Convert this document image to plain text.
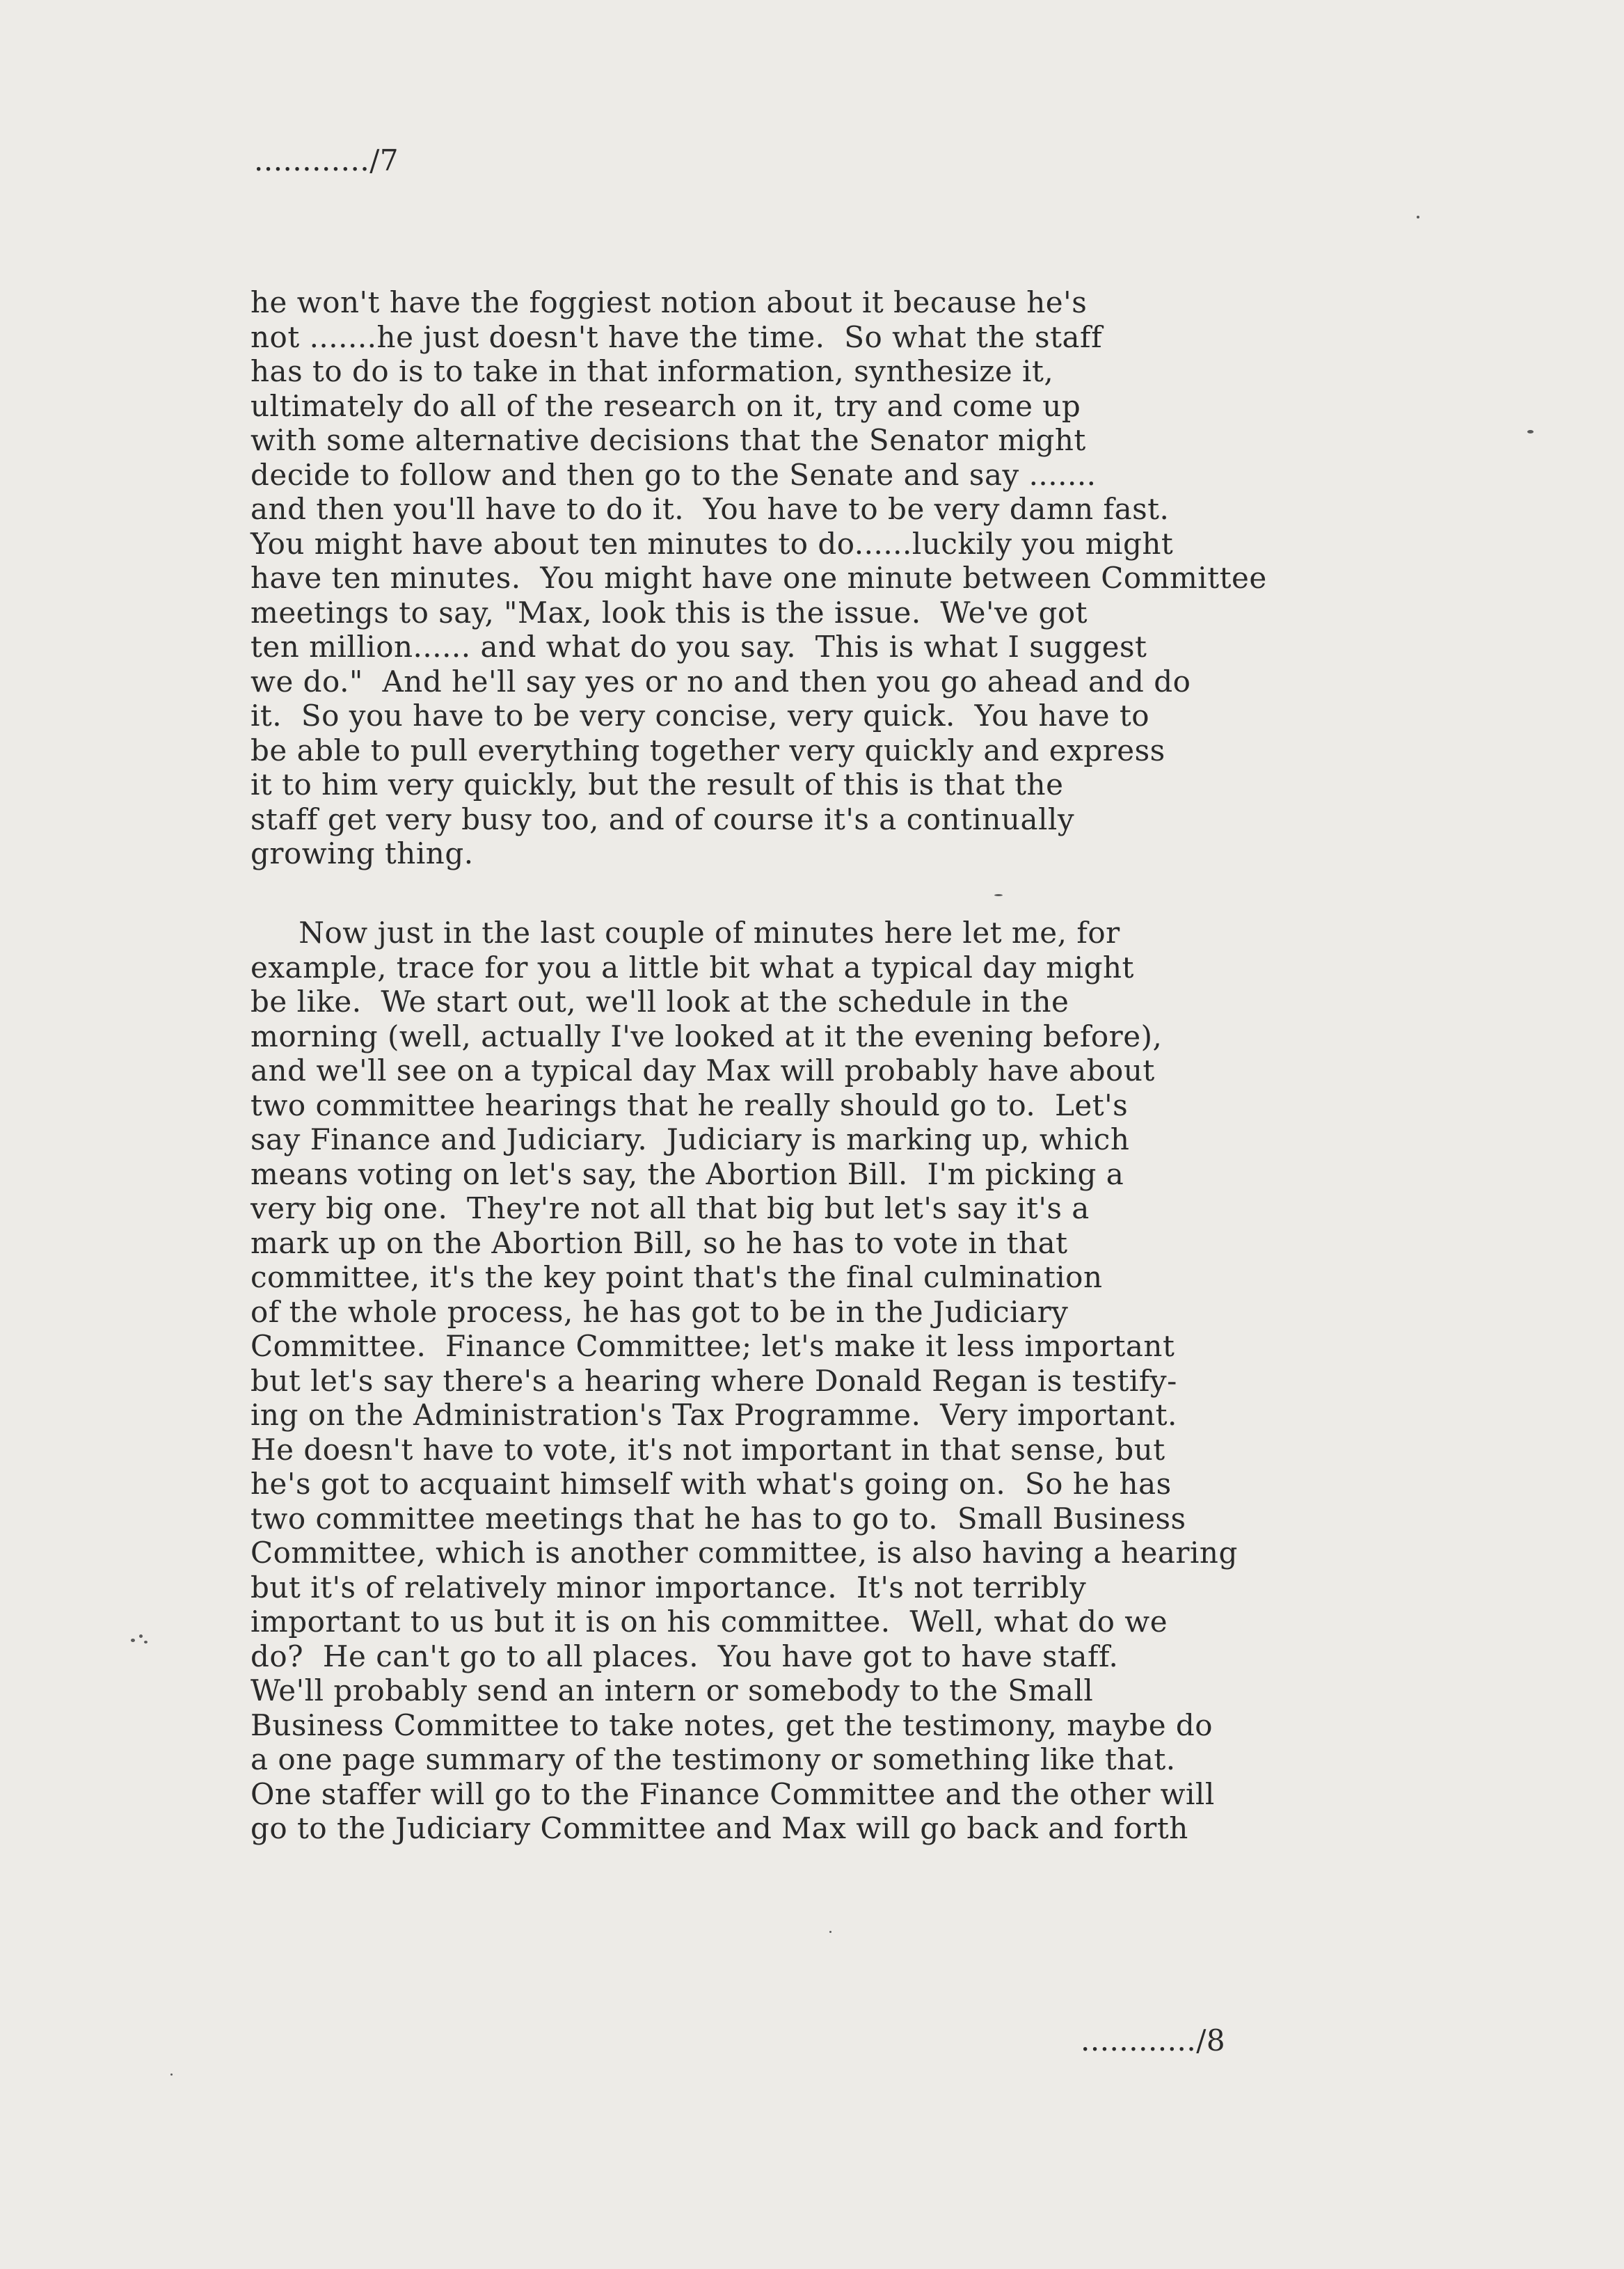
............/7
he won't have the foggiest notion about it because he's
not .......he just doesn't have the time.  So what the staff
has to do is to take in that information, synthesize it,
ultimately do all of the research on it, try and come up
with some alternative decisions that the Senator might
decide to follow and then go to the Senate and say .......
and then you'll have to do it.  You have to be very damn fast.
You might have about ten minutes to do......luckily you might
have ten minutes.  You might have one minute between Committee
meetings to say, "Max, look this is the issue.  We've got
ten million...... and what do you say.  This is what I suggest
we do."  And he'll say yes or no and then you go ahead and do
it.  So you have to be very concise, very quick.  You have to
be able to pull everything together very quickly and express
it to him very quickly, but the result of this is that the
staff get very busy too, and of course it's a continually
growing thing.
Now just in the last couple of minutes here let me, for
example, trace for you a little bit what a typical day might
be like.  We start out, we'll look at the schedule in the
morning (well, actually I've looked at it the evening before),
and we'll see on a typical day Max will probably have about
two committee hearings that he really should go to.  Let's
say Finance and Judiciary.  Judiciary is marking up, which
means voting on let's say, the Abortion Bill.  I'm picking a
very big one.  They're not all that big but let's say it's a
mark up on the Abortion Bill, so he has to vote in that
committee, it's the key point that's the final culmination
of the whole process, he has got to be in the Judiciary
Committee.  Finance Committee; let's make it less important
but let's say there's a hearing where Donald Regan is testify-
ing on the Administration's Tax Programme.  Very important.
He doesn't have to vote, it's not important in that sense, but
he's got to acquaint himself with what's going on.  So he has
two committee meetings that he has to go to.  Small Business
Committee, which is another committee, is also having a hearing
but it's of relatively minor importance.  It's not terribly
important to us but it is on his committee.  Well, what do we
do?  He can't go to all places.  You have got to have staff.
We'll probably send an intern or somebody to the Small
Business Committee to take notes, get the testimony, maybe do
a one page summary of the testimony or something like that.
One staffer will go to the Finance Committee and the other will
go to the Judiciary Committee and Max will go back and forth
............/8
